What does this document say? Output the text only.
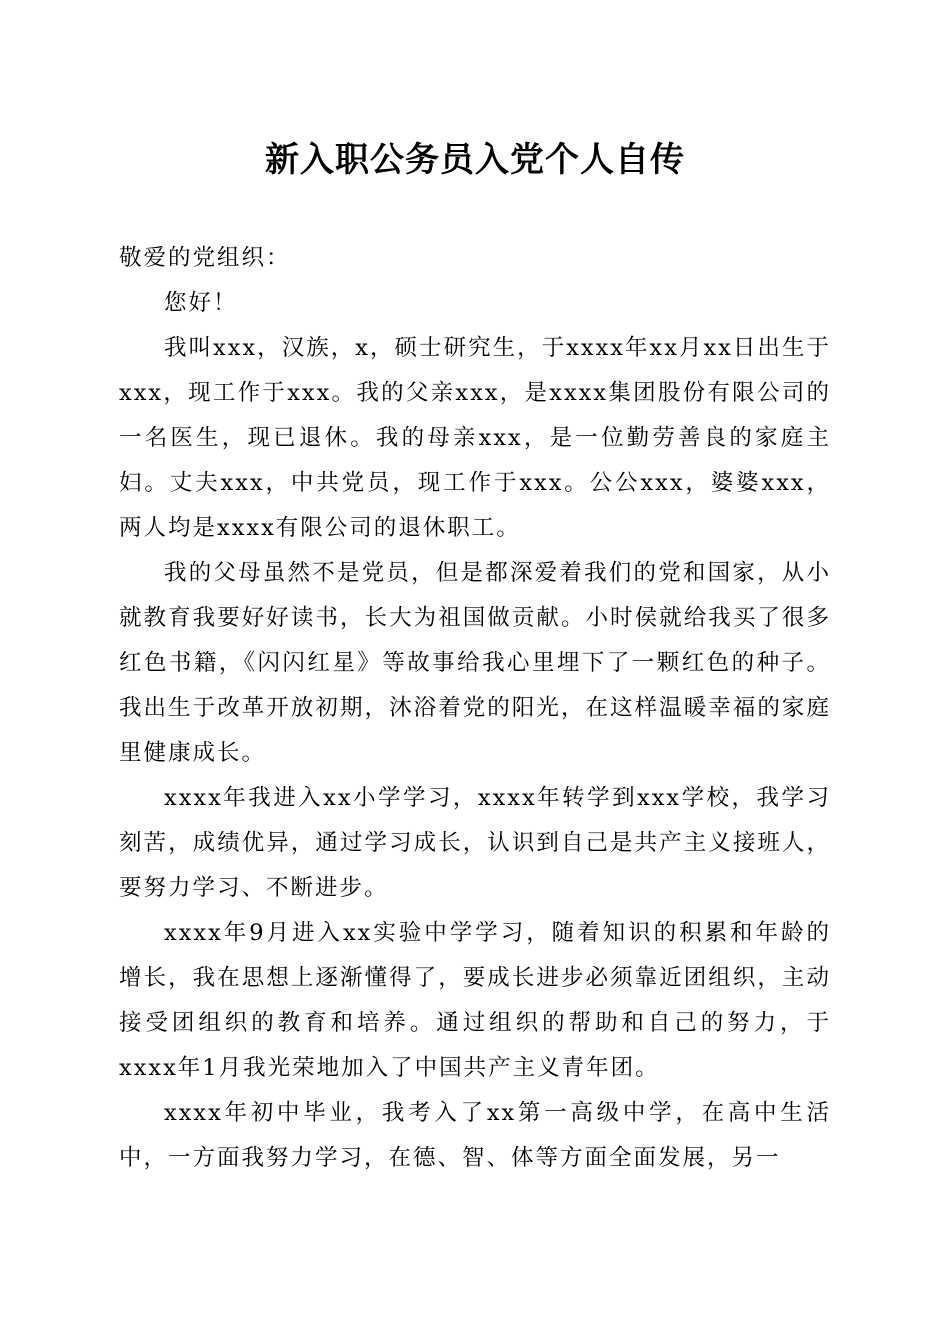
新入职公务员入党个人自传

敬爱的党组织：

您好！

我叫xxx，汉族，x，硕士研究生，于xxxx年xx月xx日出生于xxx，现工作于xxx。我的父亲xxx，是xxxx集团股份有限公司的一名医生，现已退休。我的母亲xxx，是一位勤劳善良的家庭主妇。丈夫xxx，中共党员，现工作于xxx。公公xxx，婆婆xxx，两人均是xxxx有限公司的退休职工。

我的父母虽然不是党员，但是都深爱着我们的党和国家，从小就教育我要好好读书，长大为祖国做贡献。小时侯就给我买了很多红色书籍，《闪闪红星》等故事给我心里埋下了一颗红色的种子。我出生于改革开放初期，沐浴着党的阳光，在这样温暖幸福的家庭里健康成长。

xxxx年我进入xx小学学习，xxxx年转学到xxx学校，我学习刻苦，成绩优异，通过学习成长，认识到自己是共产主义接班人，要努力学习、不断进步。

xxxx年9月进入xx实验中学学习，随着知识的积累和年龄的增长，我在思想上逐渐懂得了，要成长进步必须靠近团组织，主动接受团组织的教育和培养。通过组织的帮助和自己的努力，于xxxx年1月我光荣地加入了中国共产主义青年团。

xxxx年初中毕业，我考入了xx第一高级中学，在高中生活中，一方面我努力学习，在德、智、体等方面全面发展，另一
